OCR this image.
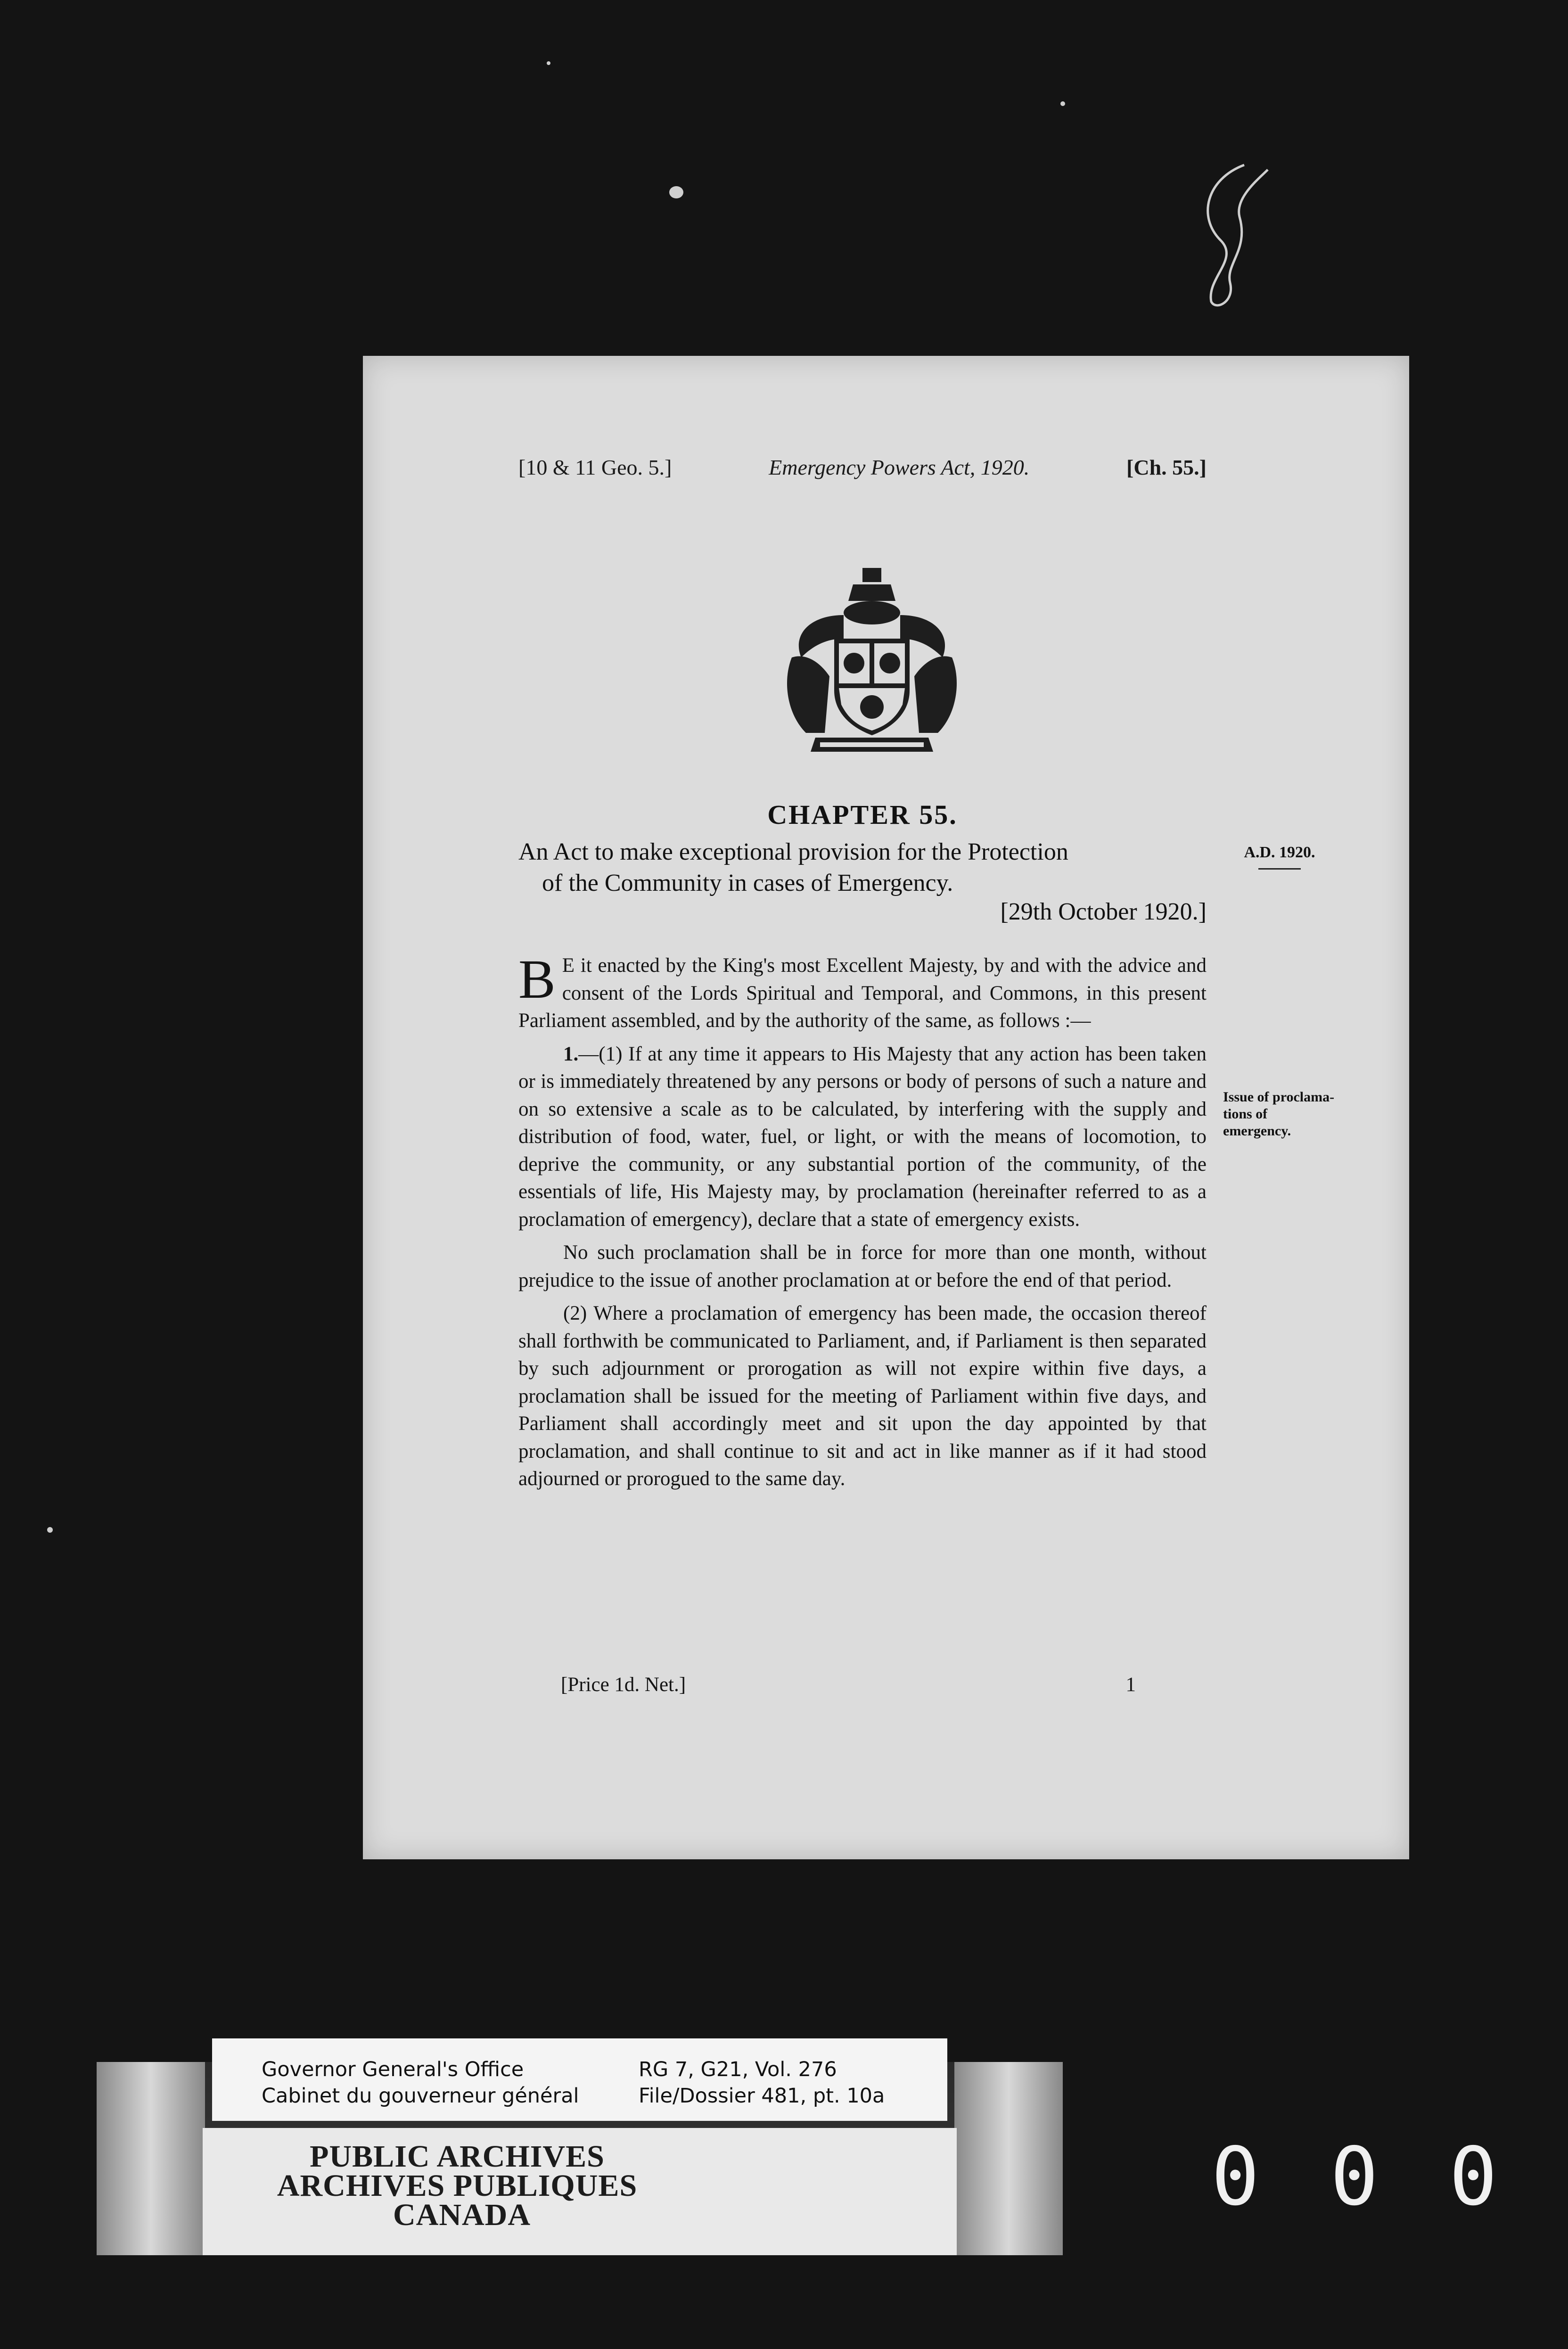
[10 & 11 Geo. 5.]	Emergency Powers Act, 1920.	[Ch. 55.]
CHAPTER 55.
An Act to make exceptional provision for the Protection
of the Community in cases of Emergency.
[29th October 1920.]
A.D. 1920.

B E it enacted by the King's most Excellent Majesty, by and with the advice and consent of the Lords Spiritual and Temporal, and Commons, in this present Parliament assembled, and by the authority of the same, as follows :—

1.—(1) If at any time it appears to His Majesty that any action has been taken or is immediately threatened by any persons or body of persons of such a nature and on so extensive a scale as to be calculated, by interfering with the supply and distribution of food, water, fuel, or light, or with the means of locomotion, to deprive the community, or any substantial portion of the community, of the essentials of life, His Majesty may, by proclamation (hereinafter referred to as a proclamation of emergency), declare that a state of emergency exists.

No such proclamation shall be in force for more than one month, without prejudice to the issue of another proclamation at or before the end of that period.

(2) Where a proclamation of emergency has been made, the occasion thereof shall forthwith be communicated to Parliament, and, if Parliament is then separated by such adjournment or prorogation as will not expire within five days, a proclamation shall be issued for the meeting of Parliament within five days, and Parliament shall accordingly meet and sit upon the day appointed by that proclamation, and shall continue to sit and act in like manner as if it had stood adjourned or prorogued to the same day.

Issue of proclama- tions of emergency.
[Price 1d. Net.]	1
Governor General's Office
Cabinet du gouverneur général
RG 7, G21, Vol. 276
File/Dossier 481, pt. 10a
PUBLIC ARCHIVES
ARCHIVES PUBLIQUES
CANADA	000
